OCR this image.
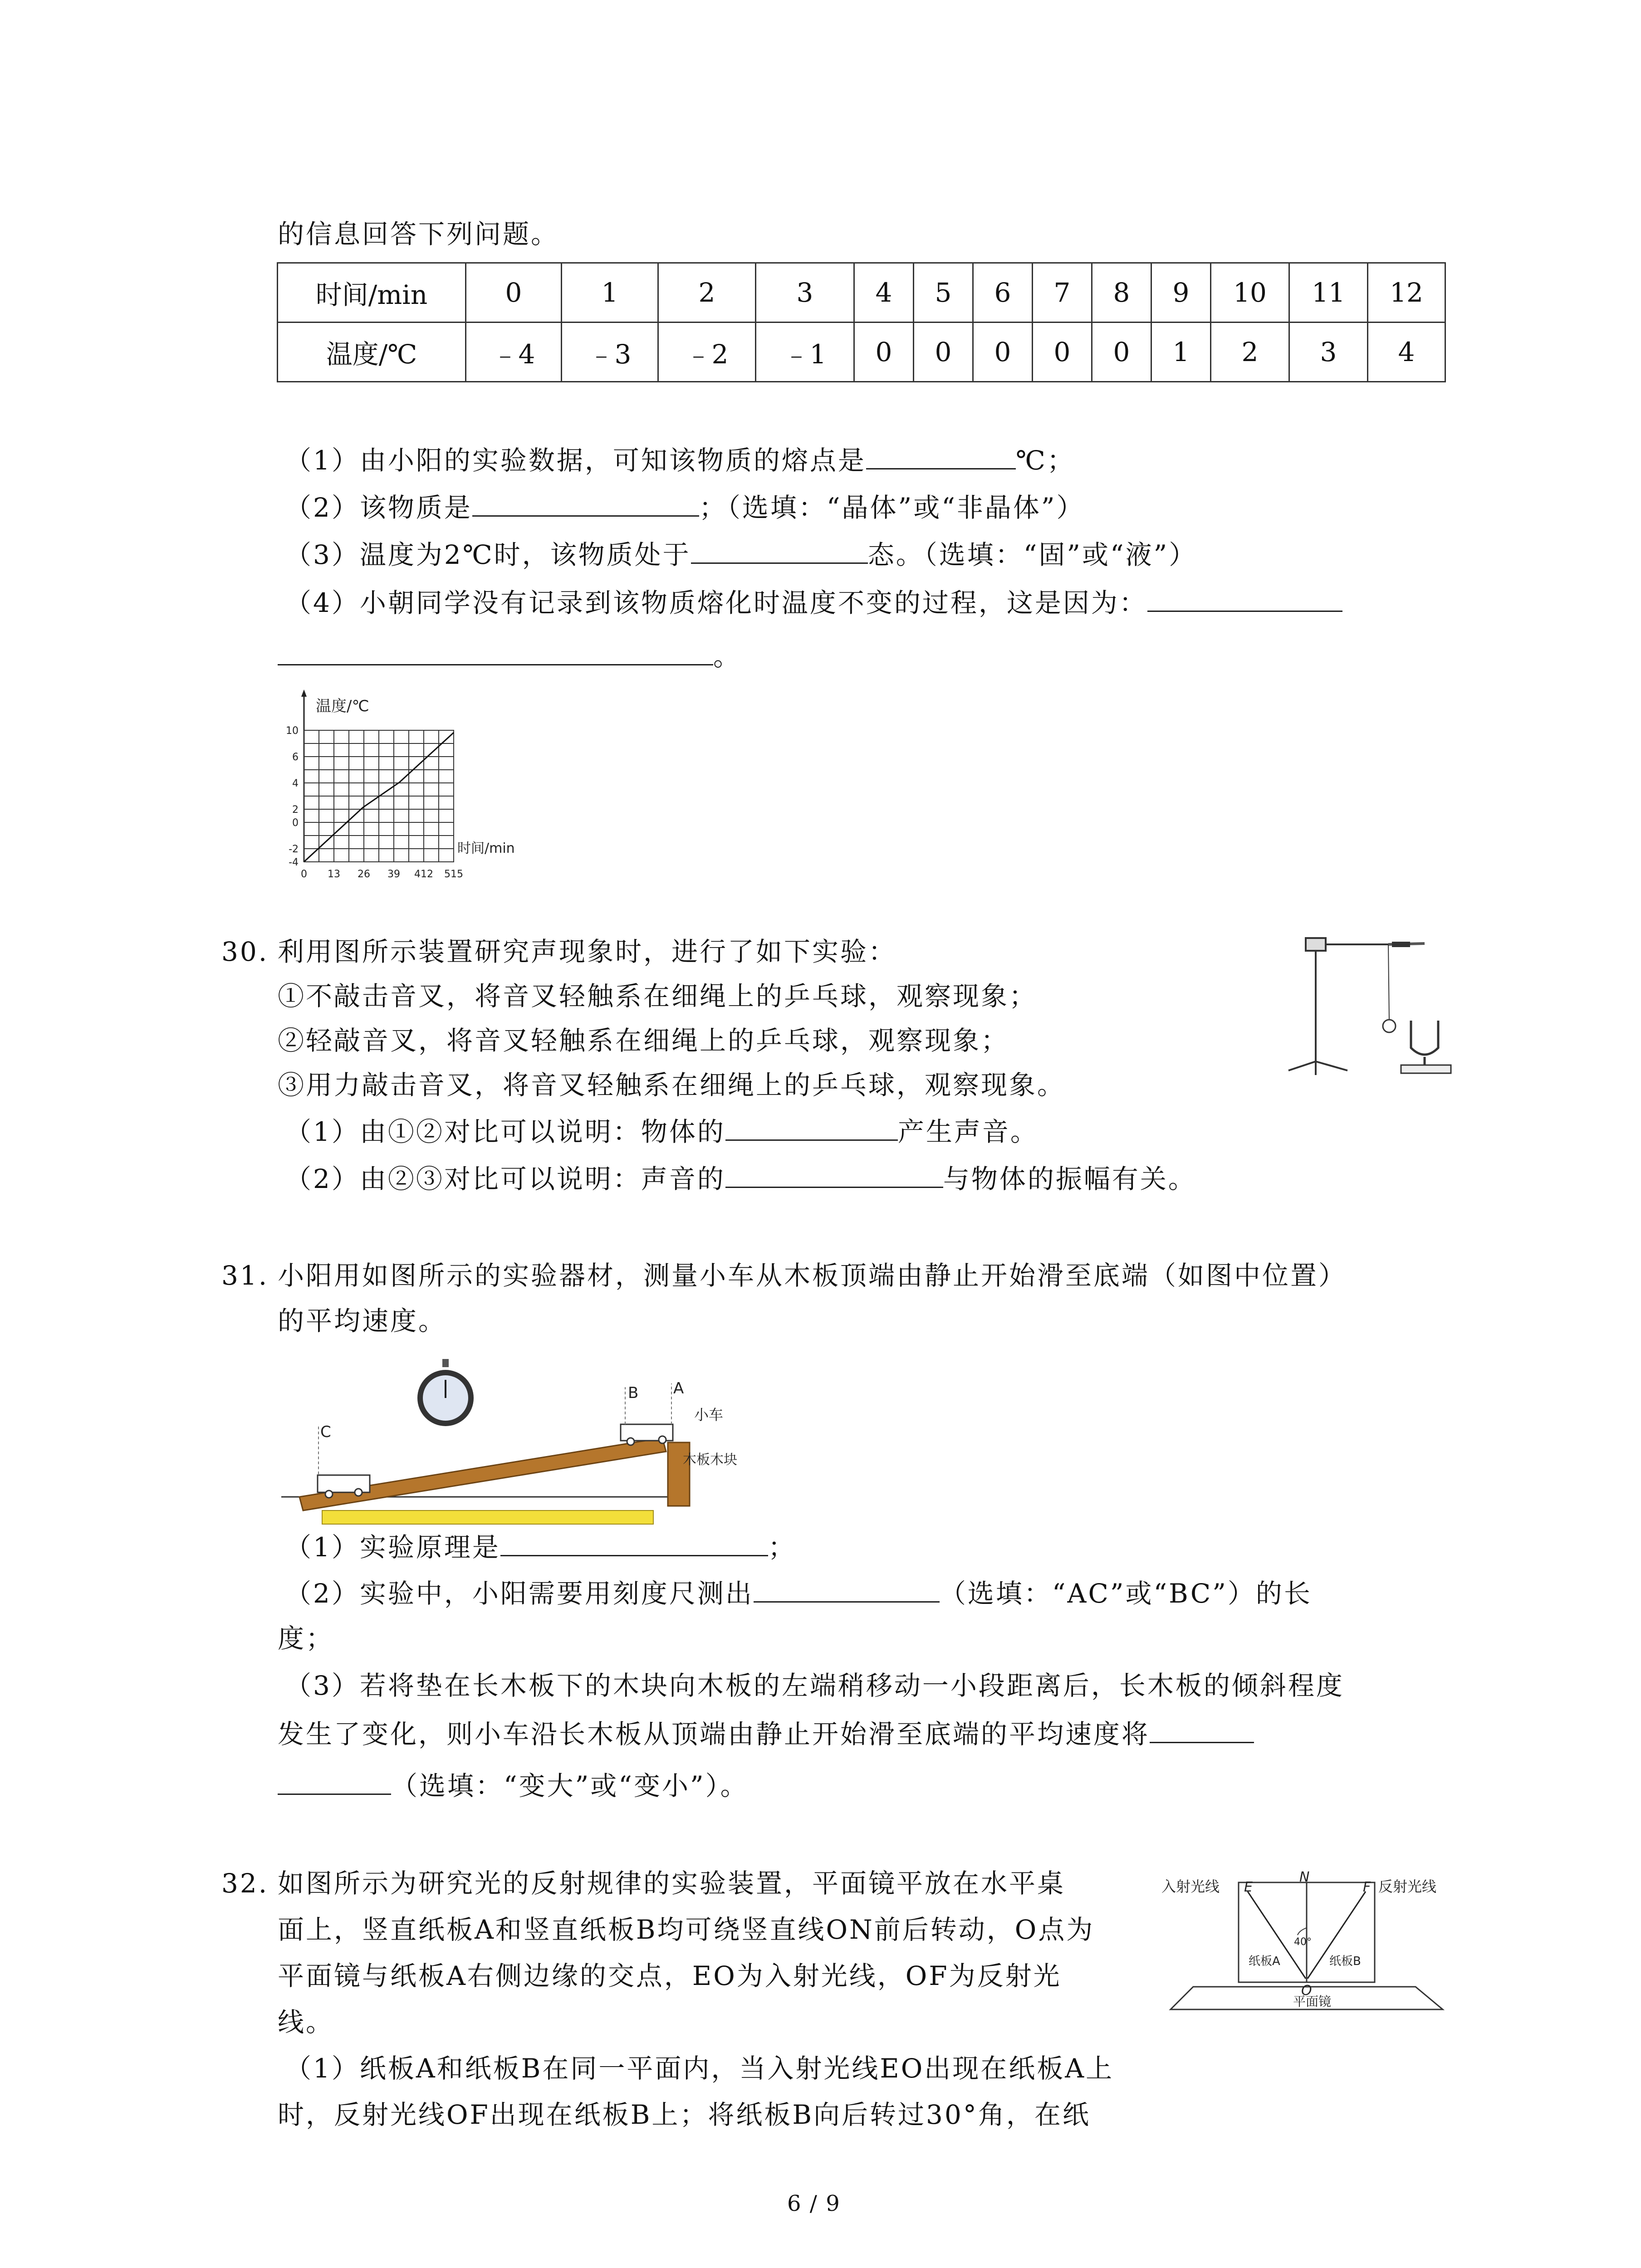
的信息回答下列问题。
时间/min	0	1	2	3	4	5	6	7	8	9	10	11	12
温度/℃	﹣4	﹣3	﹣2	﹣1	0	0	0	0	0	1	2	3	4
（1）由小阳的实验数据，可知该物质的熔点是	℃；
（2）该物质是	；（选填：“晶体”或“非晶体”）
（3）温度为2℃时，该物质处于	态。（选填：“固”或“液”）
（4）小朝同学没有记录到该物质熔化时温度不变的过程，这是因为：
。
温度/℃
时间/min
10
6
4
2
0
-2
-4
0 13 26 39 412 515
30. 利用图所示装置研究声现象时，进行了如下实验：
①不敲击音叉，将音叉轻触系在细绳上的乒乓球，观察现象；
②轻敲音叉，将音叉轻触系在细绳上的乒乓球，观察现象；
③用力敲击音叉，将音叉轻触系在细绳上的乒乓球，观察现象。
（1）由①②对比可以说明：物体的	产生声音。
（2）由②③对比可以说明：声音的	与物体的振幅有关。
31. 小阳用如图所示的实验器材，测量小车从木板顶端由静止开始滑至底端（如图中位置）
的平均速度。
C
B A
小车
木板木块
（1）实验原理是	；
（2）实验中，小阳需要用刻度尺测出	（选填：“AC”或“BC”）的长
度；
（3）若将垫在长木板下的木块向木板的左端稍移动一小段距离后，长木板的倾斜程度
发生了变化，则小车沿长木板从顶端由静止开始滑至底端的平均速度将
（选填：“变大”或“变小”）。
32. 如图所示为研究光的反射规律的实验装置，平面镜平放在水平桌
面上，竖直纸板A和竖直纸板B均可绕竖直线ON前后转动，O点为
平面镜与纸板A右侧边缘的交点，EO为入射光线，OF为反射光
线。
（1）纸板A和纸板B在同一平面内，当入射光线EO出现在纸板A上
时，反射光线OF出现在纸板B上；将纸板B向后转过30°角，在纸
入射光线	反射光线
E
N
F
O
40°
纸板A	纸板B
平面镜
6 / 9
